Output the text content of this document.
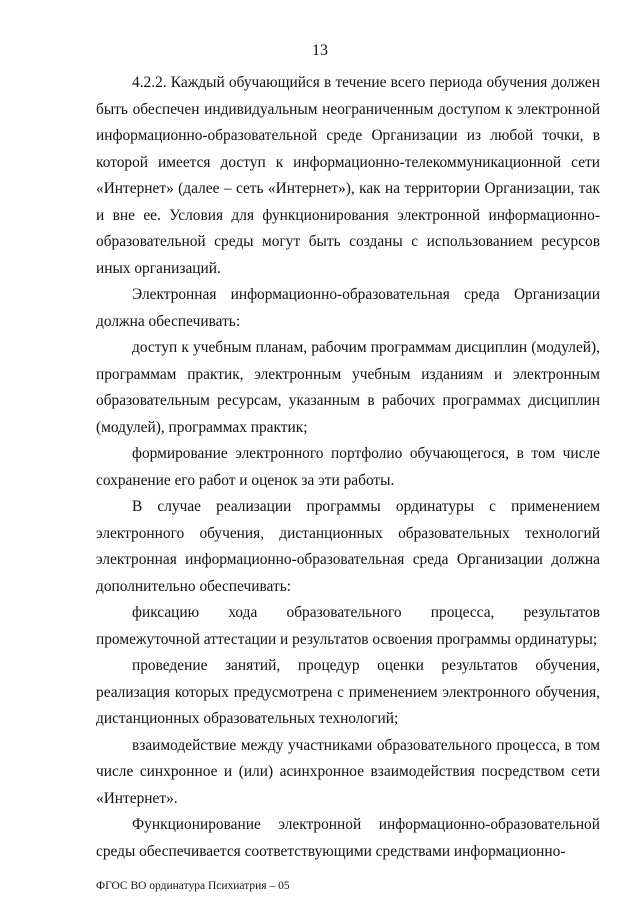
13

4.2.2. Каждый обучающийся в течение всего периода обучения должен быть обеспечен индивидуальным неограниченным доступом к электронной информационно-образовательной среде Организации из любой точки, в которой имеется доступ к информационно-телекоммуникационной сети «Интернет» (далее – сеть «Интернет»), как на территории Организации, так и вне ее. Условия для функционирования электронной информационно-образовательной среды могут быть созданы с использованием ресурсов иных организаций.

Электронная информационно-образовательная среда Организации должна обеспечивать:

доступ к учебным планам, рабочим программам дисциплин (модулей), программам практик, электронным учебным изданиям и электронным образовательным ресурсам, указанным в рабочих программах дисциплин (модулей), программах практик;

формирование электронного портфолио обучающегося, в том числе сохранение его работ и оценок за эти работы.

В случае реализации программы ординатуры с применением электронного обучения, дистанционных образовательных технологий электронная информационно-образовательная среда Организации должна дополнительно обеспечивать:

фиксацию хода образовательного процесса, результатов промежуточной аттестации и результатов освоения программы ординатуры;

проведение занятий, процедур оценки результатов обучения, реализация которых предусмотрена с применением электронного обучения, дистанционных образовательных технологий;

взаимодействие между участниками образовательного процесса, в том числе синхронное и (или) асинхронное взаимодействия посредством сети «Интернет».

Функционирование электронной информационно-образовательной среды обеспечивается соответствующими средствами информационно-

ФГОС ВО ординатура Психиатрия – 05
